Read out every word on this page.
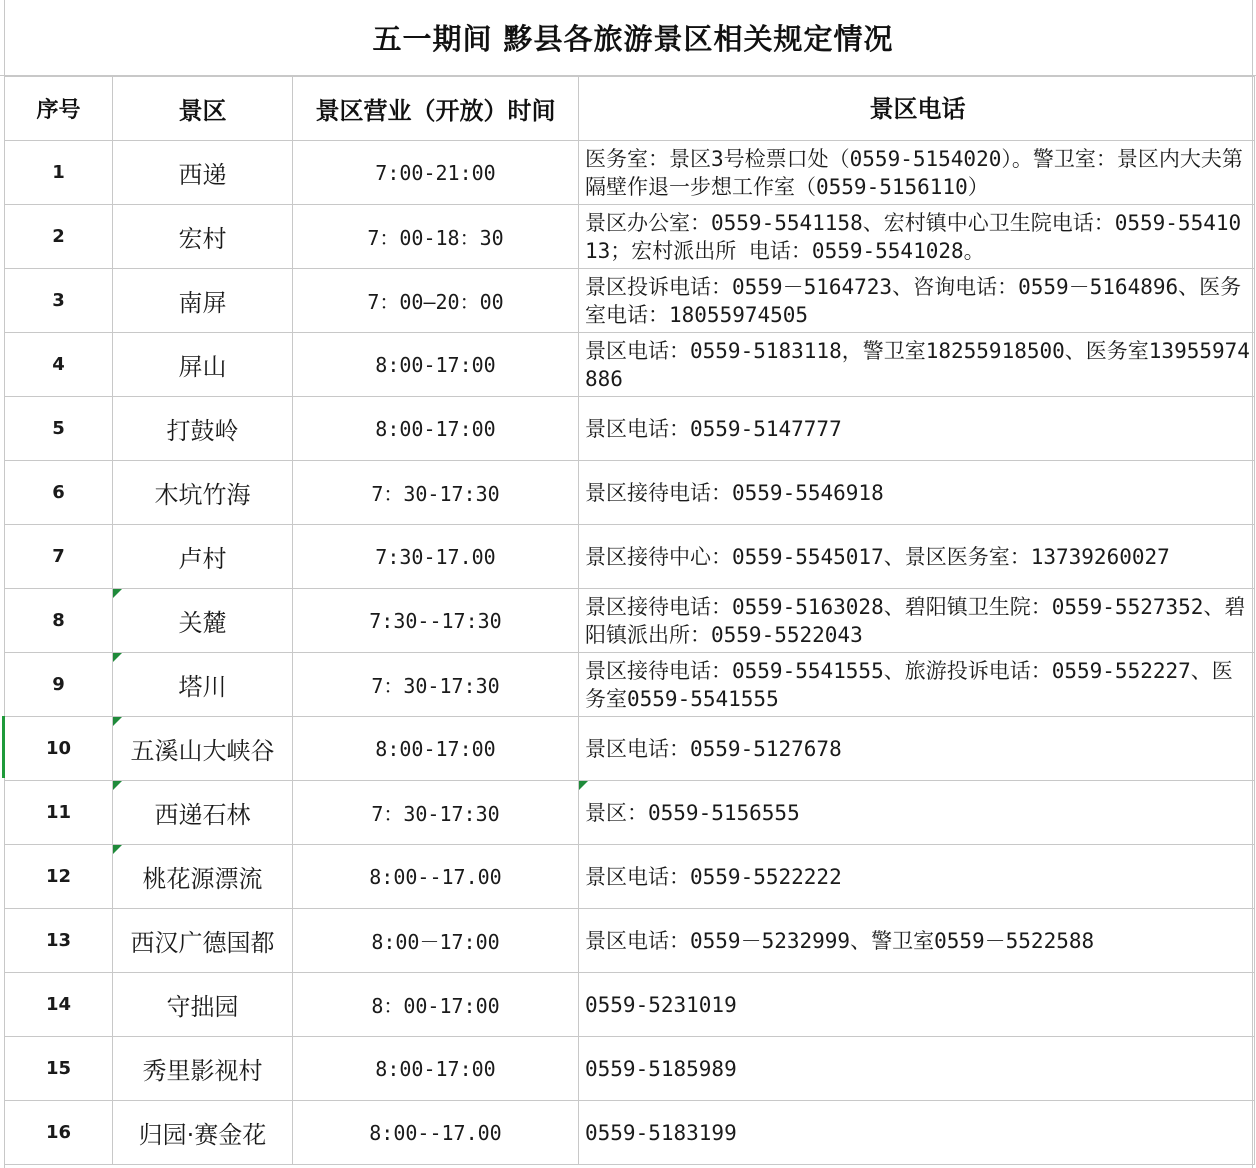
五一期间 黟县各旅游景区相关规定情况
序号	景区	景区营业（开放）时间	景区电话
1	西递	7:00-21:00	医务室：景区3号检票口处（0559-5154020）。警卫室：景区内大夫第隔壁作退一步想工作室（0559-5156110）

2	宏村	7：00-18：30	景区办公室：0559-5541158、宏村镇中心卫生院电话：0559-5541013；宏村派出所 电话：0559-5541028。

3	南屏	7：00—20：00	景区投诉电话：0559－5164723、咨询电话：0559－5164896、医务室电话：18055974505

4	屏山	8:00-17:00	景区电话：0559-5183118，警卫室18255918500、医务室13955974886

5	打鼓岭	8:00-17:00	景区电话：0559-5147777

6	木坑竹海	7：30-17:30	景区接待电话：0559-5546918

7	卢村	7:30-17.00	景区接待中心：0559-5545017、景区医务室：13739260027

8	关麓	7:30--17:30	景区接待电话：0559-5163028、碧阳镇卫生院：0559-5527352、碧阳镇派出所：0559-5522043

9	塔川	7：30-17:30	景区接待电话：0559-5541555、旅游投诉电话：0559-552227、医务室0559-5541555

10	五溪山大峡谷	8:00-17:00	景区电话：0559-5127678

11	西递石林	7：30-17:30	景区：0559-5156555

12	桃花源漂流	8:00--17.00	景区电话：0559-5522222

13	西汉广德国都	8:00－17:00	景区电话：0559－5232999、警卫室0559－5522588

14	守拙园	8：00-17:00	0559-5231019

15	秀里影视村	8:00-17:00	0559-5185989

16	归园·赛金花	8:00--17.00	0559-5183199
